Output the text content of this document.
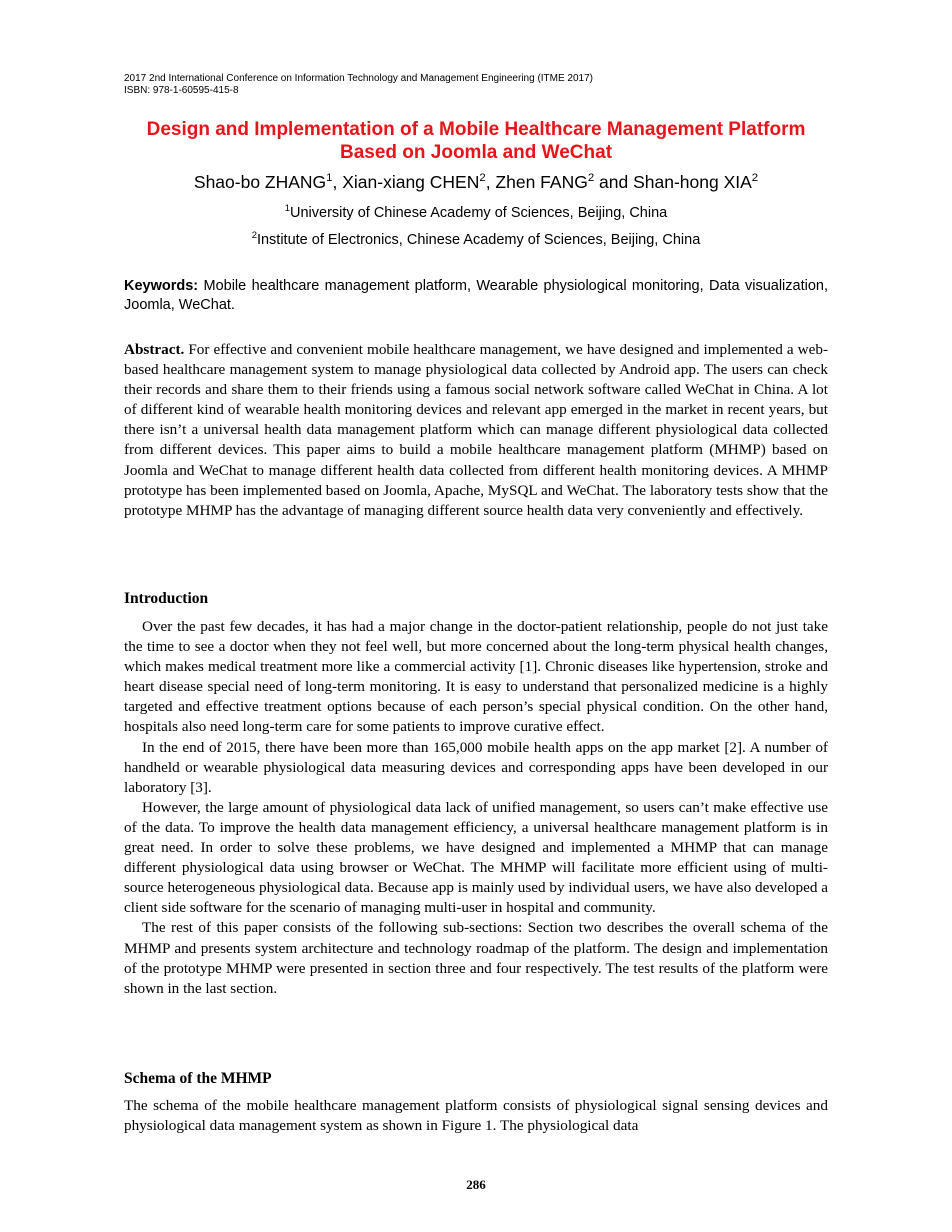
2017 2nd International Conference on Information Technology and Management Engineering (ITME 2017)
ISBN: 978-1-60595-415-8
Design and Implementation of a Mobile Healthcare Management Platform
Based on Joomla and WeChat
Shao-bo ZHANG$^1$, Xian-xiang CHEN$^2$, Zhen FANG$^2$ and Shan-hong XIA$^2$
$^1$University of Chinese Academy of Sciences, Beijing, China
$^2$Institute of Electronics, Chinese Academy of Sciences, Beijing, China
Keywords: Mobile healthcare management platform, Wearable physiological monitoring, Data visualization, Joomla, WeChat.
Abstract. For effective and convenient mobile healthcare management, we have designed and implemented a web-based healthcare management system to manage physiological data collected by Android app. The users can check their records and share them to their friends using a famous social network software called WeChat in China. A lot of different kind of wearable health monitoring devices and relevant app emerged in the market in recent years, but there isn’t a universal health data management platform which can manage different physiological data collected from different devices. This paper aims to build a mobile healthcare management platform (MHMP) based on Joomla and WeChat to manage different health data collected from different health monitoring devices. A MHMP prototype has been implemented based on Joomla, Apache, MySQL and WeChat. The laboratory tests show that the prototype MHMP has the advantage of managing different source health data very conveniently and effectively.
Introduction

Over the past few decades, it has had a major change in the doctor-patient relationship, people do not just take the time to see a doctor when they not feel well, but more concerned about the long-term physical health changes, which makes medical treatment more like a commercial activity [1]. Chronic diseases like hypertension, stroke and heart disease special need of long-term monitoring. It is easy to understand that personalized medicine is a highly targeted and effective treatment options because of each person’s special physical condition. On the other hand, hospitals also need long-term care for some patients to improve curative effect.

In the end of 2015, there have been more than 165,000 mobile health apps on the app market [2]. A number of handheld or wearable physiological data measuring devices and corresponding apps have been developed in our laboratory [3].

However, the large amount of physiological data lack of unified management, so users can’t make effective use of the data. To improve the health data management efficiency, a universal healthcare management platform is in great need. In order to solve these problems, we have designed and implemented a MHMP that can manage different physiological data using browser or WeChat. The MHMP will facilitate more efficient using of multi-source heterogeneous physiological data. Because app is mainly used by individual users, we have also developed a client side software for the scenario of managing multi-user in hospital and community.

The rest of this paper consists of the following sub-sections: Section two describes the overall schema of the MHMP and presents system architecture and technology roadmap of the platform. The design and implementation of the prototype MHMP were presented in section three and four respectively. The test results of the platform were shown in the last section.

Schema of the MHMP

The schema of the mobile healthcare management platform consists of physiological signal sensing devices and physiological data management system as shown in Figure 1. The physiological data

286
